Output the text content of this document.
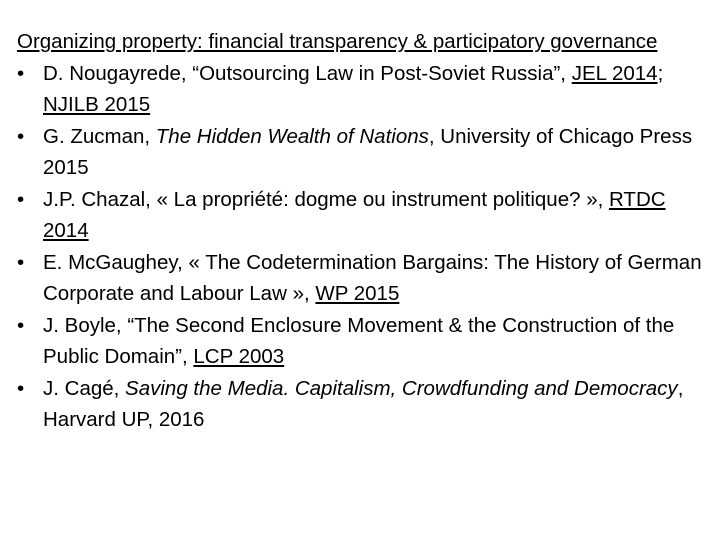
Organizing property: financial transparency & participatory governance

• D. Nougayrede, “Outsourcing Law in Post-Soviet Russia”, JEL 2014; NJILB 2015
• G. Zucman, The Hidden Wealth of Nations, University of Chicago Press 2015
• J.P. Chazal, « La propriété: dogme ou instrument politique? », RTDC 2014
• E. McGaughey, « The Codetermination Bargains: The History of German Corporate and Labour Law », WP 2015
• J. Boyle, “The Second Enclosure Movement & the Construction of the Public Domain”, LCP 2003
• J. Cagé, Saving the Media. Capitalism, Crowdfunding and Democracy, Harvard UP, 2016
